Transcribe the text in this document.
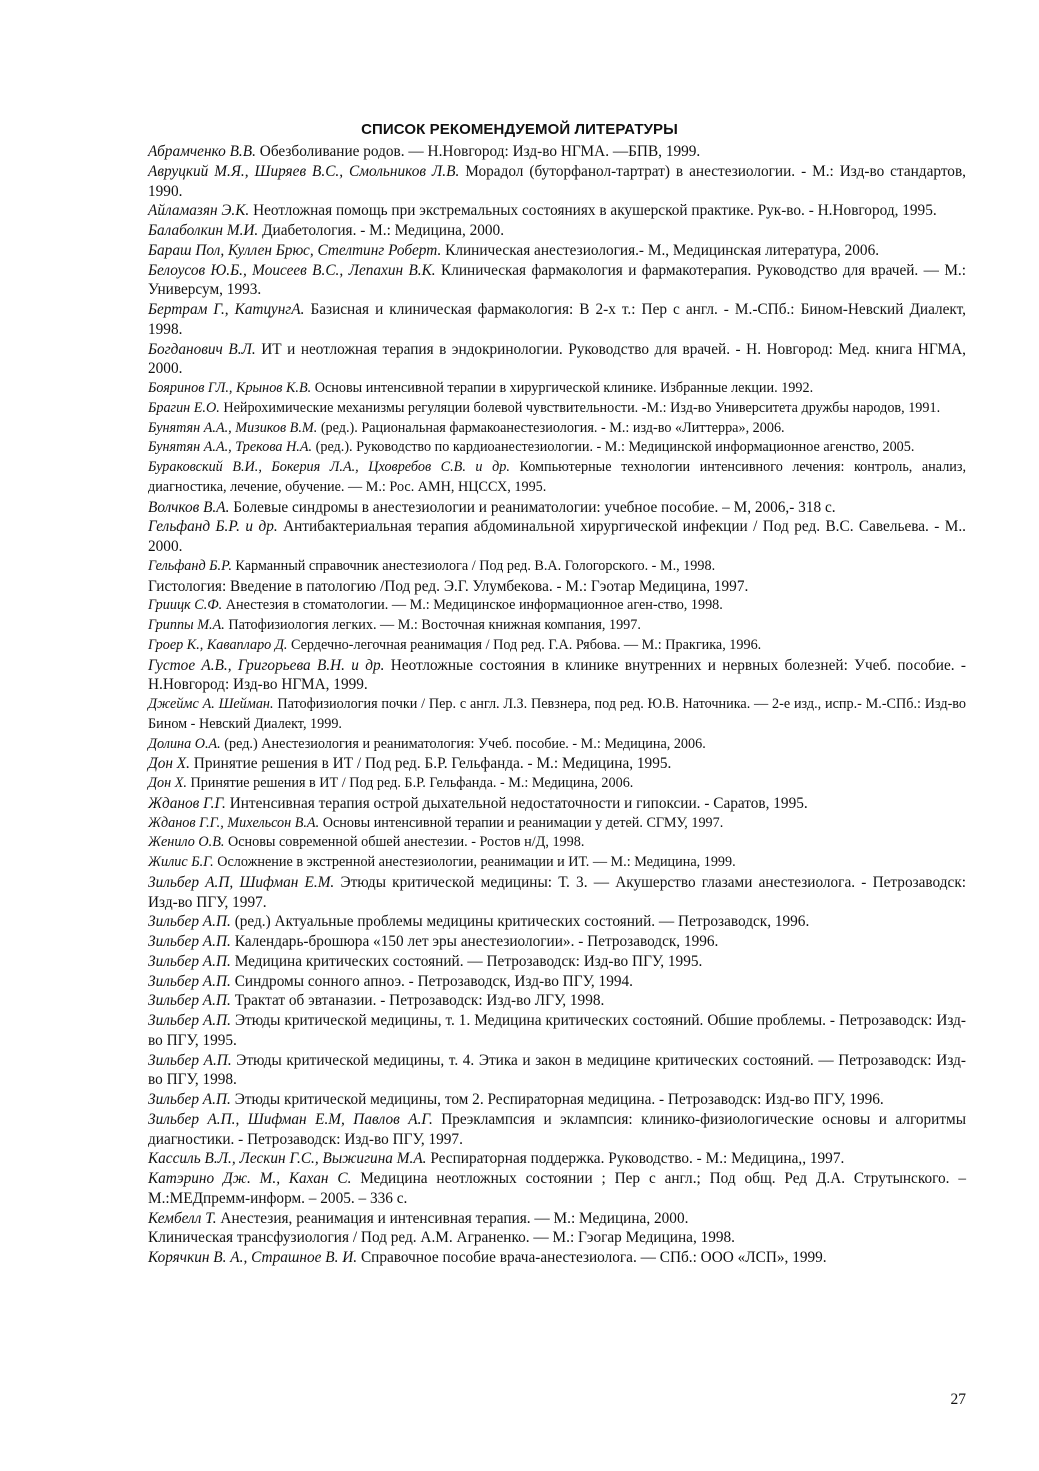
СПИСОК РЕКОМЕНДУЕМОЙ ЛИТЕРАТУРЫ

Абрамченко В.В. Обезболивание родов. — Н.Новгород: Изд-во НГМА. —БПВ, 1999.

Авруцкий М.Я., Ширяев В.С., Смольников Л.В. Морадол (буторфанол-тартрат) в анестезиологии. - М.: Изд-во стандартов, 1990.

Айламазян Э.К. Неотложная помощь при экстремальных состояниях в акушерской практике. Рук-во. - Н.Новгород, 1995.

Балаболкин М.И. Диабетология. - М.: Медицина, 2000.

Бараш Пол, Куллен Брюс, Стелтинг Роберт. Клиническая анестезиология.- М., Медицинская литература, 2006.

Белоусов Ю.Б., Моисеев В.С., Лепахин В.К. Клиническая фармакология и фармакотерапия. Руководство для врачей. — М.: Универсум, 1993.

Бертрам Г., КатцунгА. Базисная и клиническая фармакология: В 2-х т.: Пер с англ. - М.-СПб.: Бином-Невский Диалект, 1998.

Богданович В.Л. ИТ и неотложная терапия в эндокринологии. Руководство для врачей. - Н. Новгород: Мед. книга НГМА, 2000.

Бояринов ГЛ., Крынов К.В. Основы интенсивной терапии в хирургической клинике. Избранные лекции. 1992.

Брагин Е.О. Нейрохимические механизмы регуляции болевой чувствительности. -М.: Изд-во Университета дружбы народов, 1991.

Бунятян А.А., Мизиков В.М. (ред.). Рациональная фармакоанестезиология. - М.: изд-во «Литтерра», 2006.

Бунятян А.А., Трекова Н.А. (ред.). Руководство по кардиоанестезиологии. - М.: Медицинской информационное агенство, 2005.

Бураковский В.И., Бокерия Л.А., Цховребов С.В. и др. Компьютерные технологии интенсивного лечения: контроль, анализ, диагностика, лечение, обучение. — М.: Рос. АМН, НЦССХ, 1995.

Волчков В.А. Болевые синдромы в анестезиологии и реаниматологии: учебное пособие. – М, 2006,- 318 с.

Гельфанд Б.Р. и др. Антибактериальная терапия абдоминальной хирургической инфекции / Под ред. В.С. Савельева. - М.. 2000.

Гельфанд Б.Р. Карманный справочник анестезиолога / Под ред. В.А. Гологорского. - М., 1998.

Гистология: Введение в патологию /Под ред. Э.Г. Улумбекова. - М.: Гэотар Медицина, 1997.

Гриицк С.Ф. Анестезия в стоматологии. — М.: Медицинское информационное аген-ство, 1998.

Гриппы М.А. Патофизиология легких. — М.: Восточная книжная компания, 1997.

Гроер К., Кавапларо Д. Сердечно-легочная реанимация / Под ред. Г.А. Рябова. — М.: Пракгика, 1996.

Густое А.В., Григорьева В.Н. и др. Неотложные состояния в клинике внутренних и нервных болезней: Учеб. пособие. - Н.Новгород: Изд-во НГМА, 1999.

Джеймс А. Шейман. Патофизиология почки / Пер. с англ. Л.З. Певзнера, под ред. Ю.В. Наточника. — 2-е изд., испр.- М.-СПб.: Изд-во Бином - Невский Диалект, 1999.

Долина О.А. (ред.) Анестезиология и реаниматология: Учеб. пособие. - М.: Медицина, 2006.

Дон X. Принятие решения в ИТ / Под ред. Б.Р. Гельфанда. - М.: Медицина, 1995.

Дон X. Принятие решения в ИТ / Под ред. Б.Р. Гельфанда. - М.: Медицина, 2006.

Жданов Г.Г. Интенсивная терапия острой дыхательной недостаточности и гипоксии. - Саратов, 1995.

Жданов Г.Г., Михельсон В.А. Основы интенсивной терапии и реанимации у детей. СГМУ, 1997.

Женило О.В. Основы современной обшей анестезии. - Ростов н/Д, 1998.

Жилис Б.Г. Осложнение в экстренной анестезиологии, реанимации и ИТ. — М.: Медицина, 1999.

Зильбер А.П, Шифман Е.М. Этюды критической медицины: Т. 3. — Акушерство глазами анестезиолога. - Петрозаводск: Изд-во ПГУ, 1997.

Зильбер А.П. (ред.) Актуальные проблемы медицины критических состояний. — Петрозаводск, 1996.

Зильбер А.П. Календарь-брошюра «150 лет эры анестезиологии». - Петрозаводск, 1996.

Зильбер А.П. Медицина критических состояний. — Петрозаводск: Изд-во ПГУ, 1995.

Зильбер А.П. Синдромы сонного апноэ. - Петрозаводск, Изд-во ПГУ, 1994.

Зильбер А.П. Трактат об эвтаназии. - Петрозаводск: Изд-во ЛГУ, 1998.

Зильбер А.П. Этюды критической медицины, т. 1. Медицина критических состояний. Обшие проблемы. - Петрозаводск: Изд-во ПГУ, 1995.

Зильбер А.П. Этюды критической медицины, т. 4. Этика и закон в медицине критических состояний. — Петрозаводск: Изд-во ПГУ, 1998.

Зильбер А.П. Этюды критической медицины, том 2. Респираторная медицина. - Петрозаводск: Изд-во ПГУ, 1996.

Зильбер А.П., Шифман Е.М, Павлов А.Г. Преэклампсия и эклампсия: клинико-физиологические основы и алгоритмы диагностики. - Петрозаводск: Изд-во ПГУ, 1997.

Кассиль В.Л., Лескин Г.С., Выжигина М.А. Респираторная поддержка. Руководство. - М.: Медицина,, 1997.

Катэрино Дж. М., Кахан С. Медицина неотложных состоянии ; Пер с англ.; Под общ. Ред Д.А. Струтынского. – М.:МЕДпремм-информ. – 2005. – 336 с.

Кембелл Т. Анестезия, реанимация и интенсивная терапия. — М.: Медицина, 2000.

Клиническая трансфузиология / Под ред. А.М. Аграненко. — М.: Гэогар Медицина, 1998.

Корячкин В. А., Страшное В. И. Справочное пособие врача-анестезиолога. — СПб.: ООО «ЛСП», 1999.

27
